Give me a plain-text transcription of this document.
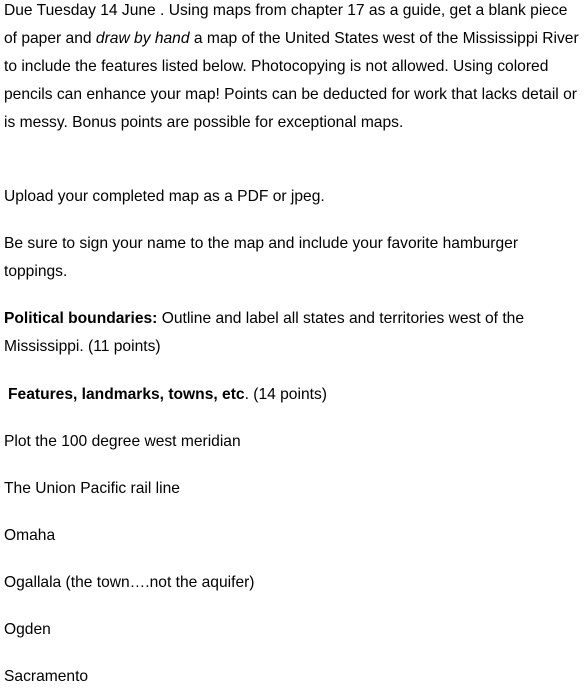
Due Tuesday 14 June . Using maps from chapter 17 as a guide, get a blank piece of paper and draw by hand a map of the United States west of the Mississippi River to include the features listed below. Photocopying is not allowed. Using colored pencils can enhance your map! Points can be deducted for work that lacks detail or is messy. Bonus points are possible for exceptional maps.

Upload your completed map as a PDF or jpeg.

Be sure to sign your name to the map and include your favorite hamburger toppings.

Political boundaries: Outline and label all states and territories west of the Mississippi. (11 points)

Features, landmarks, towns, etc. (14 points)

Plot the 100 degree west meridian

The Union Pacific rail line

Omaha

Ogallala (the town….not the aquifer)

Ogden

Sacramento
